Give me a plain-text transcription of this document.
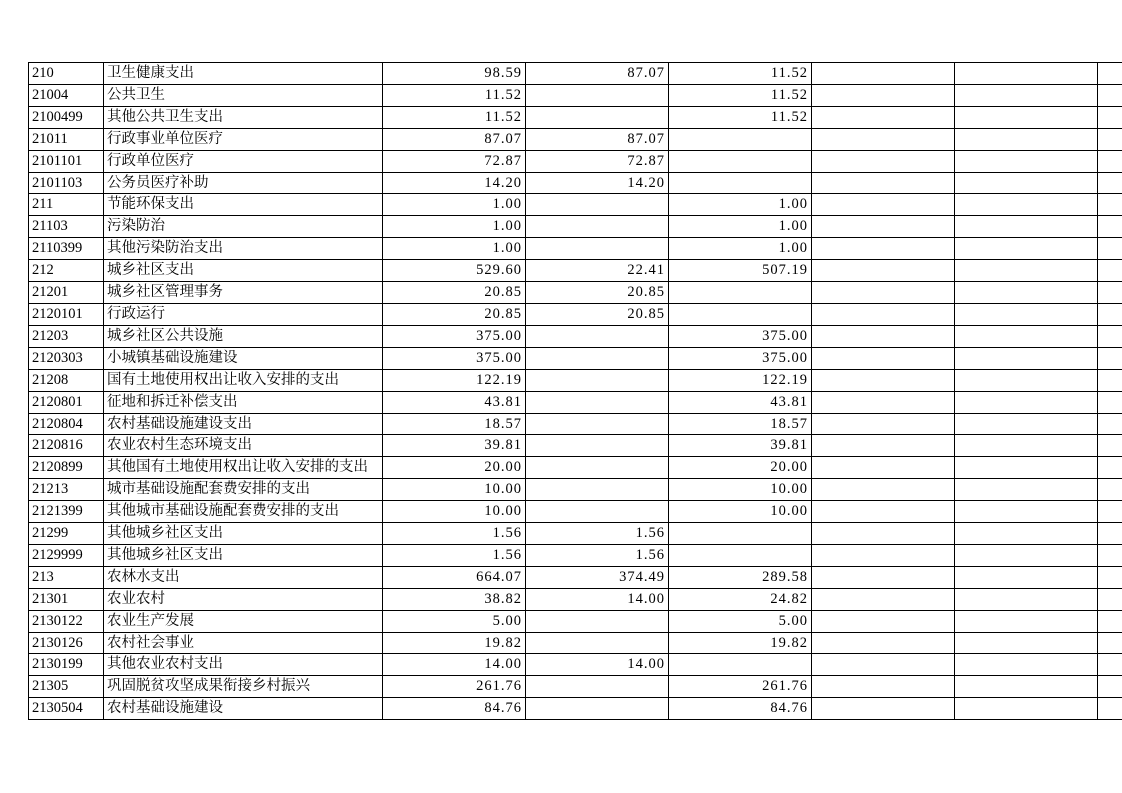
210	卫生健康支出	98.59	87.07	11.52			
21004	公共卫生	11.52		11.52			
2100499	其他公共卫生支出	11.52		11.52			
21011	行政事业单位医疗	87.07	87.07				
2101101	行政单位医疗	72.87	72.87				
2101103	公务员医疗补助	14.20	14.20				
211	节能环保支出	1.00		1.00			
21103	污染防治	1.00		1.00			
2110399	其他污染防治支出	1.00		1.00			
212	城乡社区支出	529.60	22.41	507.19			
21201	城乡社区管理事务	20.85	20.85				
2120101	行政运行	20.85	20.85				
21203	城乡社区公共设施	375.00		375.00			
2120303	小城镇基础设施建设	375.00		375.00			
21208	国有土地使用权出让收入安排的支出	122.19		122.19			
2120801	征地和拆迁补偿支出	43.81		43.81			
2120804	农村基础设施建设支出	18.57		18.57			
2120816	农业农村生态环境支出	39.81		39.81			
2120899	其他国有土地使用权出让收入安排的支出	20.00		20.00			
21213	城市基础设施配套费安排的支出	10.00		10.00			
2121399	其他城市基础设施配套费安排的支出	10.00		10.00			
21299	其他城乡社区支出	1.56	1.56				
2129999	其他城乡社区支出	1.56	1.56				
213	农林水支出	664.07	374.49	289.58			
21301	农业农村	38.82	14.00	24.82			
2130122	农业生产发展	5.00		5.00			
2130126	农村社会事业	19.82		19.82			
2130199	其他农业农村支出	14.00	14.00				
21305	巩固脱贫攻坚成果衔接乡村振兴	261.76		261.76			
2130504	农村基础设施建设	84.76		84.76			
